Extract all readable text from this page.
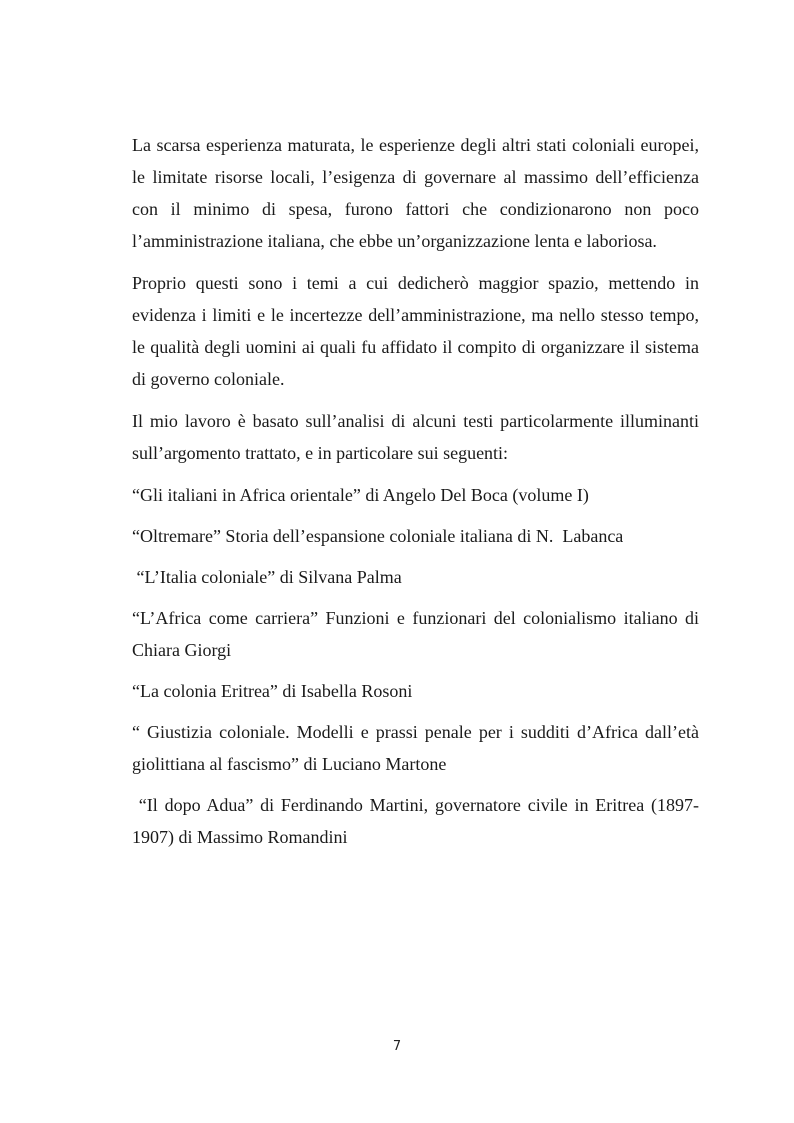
La scarsa esperienza maturata, le esperienze degli altri stati coloniali europei, le limitate risorse locali, l’esigenza di governare al massimo dell’efficienza con il minimo di spesa, furono fattori che condizionarono non poco l’amministrazione italiana, che ebbe un’organizzazione lenta e laboriosa.

Proprio questi sono i temi a cui dedicherò maggior spazio, mettendo in evidenza i limiti e le incertezze dell’amministrazione, ma nello stesso tempo, le qualità degli uomini ai quali fu affidato il compito di organizzare il sistema di governo coloniale.

Il mio lavoro è basato sull’analisi di alcuni testi particolarmente illuminanti sull’argomento trattato, e in particolare sui seguenti:

“Gli italiani in Africa orientale” di Angelo Del Boca (volume I)

“Oltremare” Storia dell’espansione coloniale italiana di N.  Labanca

“L’Italia coloniale” di Silvana Palma

“L’Africa come carriera” Funzioni e funzionari del colonialismo italiano di Chiara Giorgi

“La colonia Eritrea” di Isabella Rosoni

“ Giustizia coloniale. Modelli e prassi penale per i sudditi d’Africa dall’età giolittiana al fascismo” di Luciano Martone

“Il dopo Adua” di Ferdinando Martini, governatore civile in Eritrea (1897-1907) di Massimo Romandini

7
